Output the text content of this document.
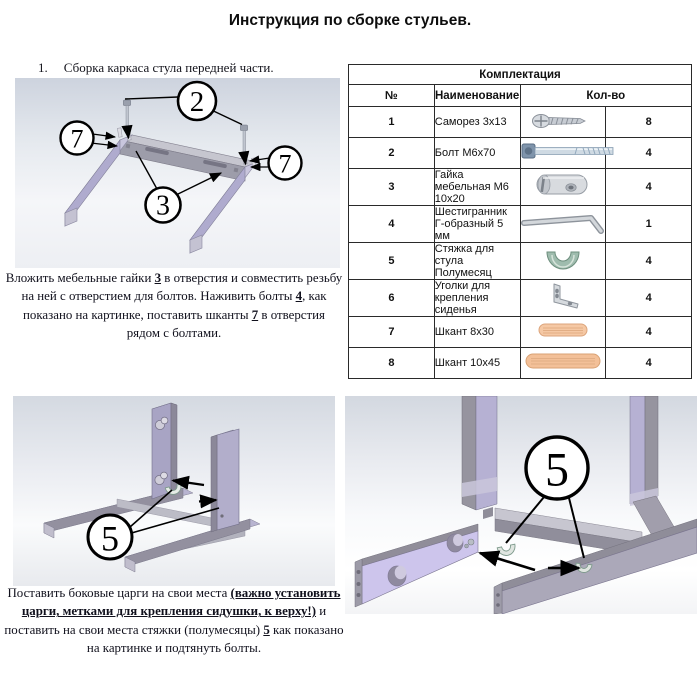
Инструкция по сборке стульев.
1. Сборка каркаса стула передней части.
2
7
3
7
Вложить мебельные гайки 3 в отверстия и совместить резьбу на ней с отверстием для болтов. Наживить болты 4, как показано на картинке, поставить шканты 7 в отверстия рядом с болтами.
Комплектация			
№	Наименование	Кол-во	
1	Саморез 3х13		8
2	Болт М6х70		4
3	Гайка мебельная М6 10х20		4
4	Шестигранник Г-образный 5 мм		1
5	Стяжка для стула Полумесяц		4
6	Уголки для крепления сиденья		4
7	Шкант 8х30		4
8	Шкант 10х45		4
5
Поставить боковые царги на свои места (важно установить царги, метками для крепления сидушки, к верху!) и поставить на свои места стяжки (полумесяцы) 5 как показано на картинке и подтянуть болты.
5
